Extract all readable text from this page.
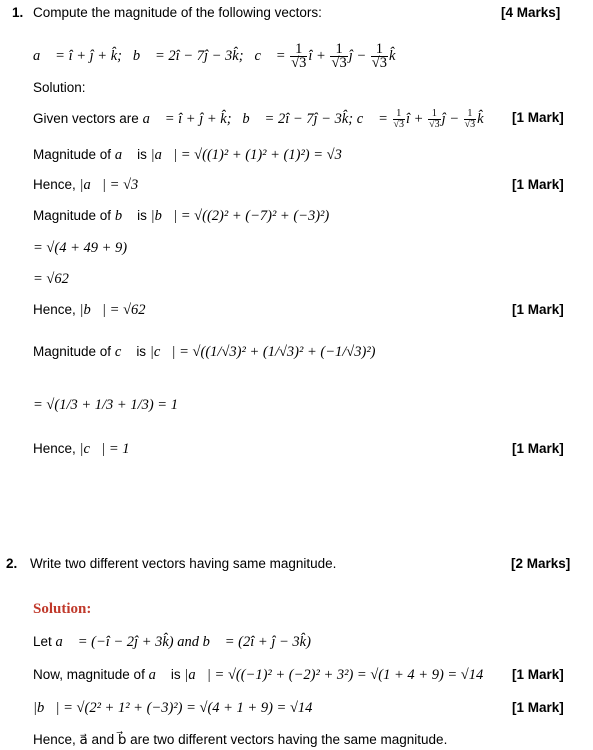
1. Compute the magnitude of the following vectors:	[4 Marks]
a⃗ = î + ĵ + k̂; b⃗ = 2î − 7ĵ − 3k̂; c⃗ = $\frac{1}{√3}$ î + $\frac{1}{√3}$ ĵ − $\frac{1}{√3}$ k̂
Solution:
Given vectors are a⃗ = î + ĵ + k̂; b⃗ = 2î − 7ĵ − 3k̂; c⃗ = $\frac{1}{√3}$ î + $\frac{1}{√3}$ ĵ − $\frac{1}{√3}$ k̂ [1 Mark]
Magnitude of a⃗ is |a⃗| = √((1)² + (1)² + (1)²) = √3
Hence, |a⃗| = √3	[1 Mark]
Magnitude of b⃗ is |b⃗| = √((2)² + (−7)² + (−3)²)
= √(4 + 49 + 9)
= √62
Hence, |b⃗| = √62	[1 Mark]
Magnitude of c⃗ is |c⃗| = √((1/√3)² + (1/√3)² + (−1/√3)²)
= √(1/3 + 1/3 + 1/3) = 1
Hence, |c⃗| = 1	[1 Mark]
2. Write two different vectors having same magnitude.	[2 Marks]
Solution:
Let a⃗ = (−î − 2ĵ + 3k̂) and b⃗ = (2î + ĵ − 3k̂)
Now, magnitude of a⃗ is |a⃗| = √((−1)² + (−2)² + 3²) = √(1 + 4 + 9) = √14 [1 Mark]
|b⃗| = √(2² + 1² + (−3)²) = √(4 + 1 + 9) = √14	[1 Mark]
Hence, a⃗ and b⃗ are two different vectors having the same magnitude.
